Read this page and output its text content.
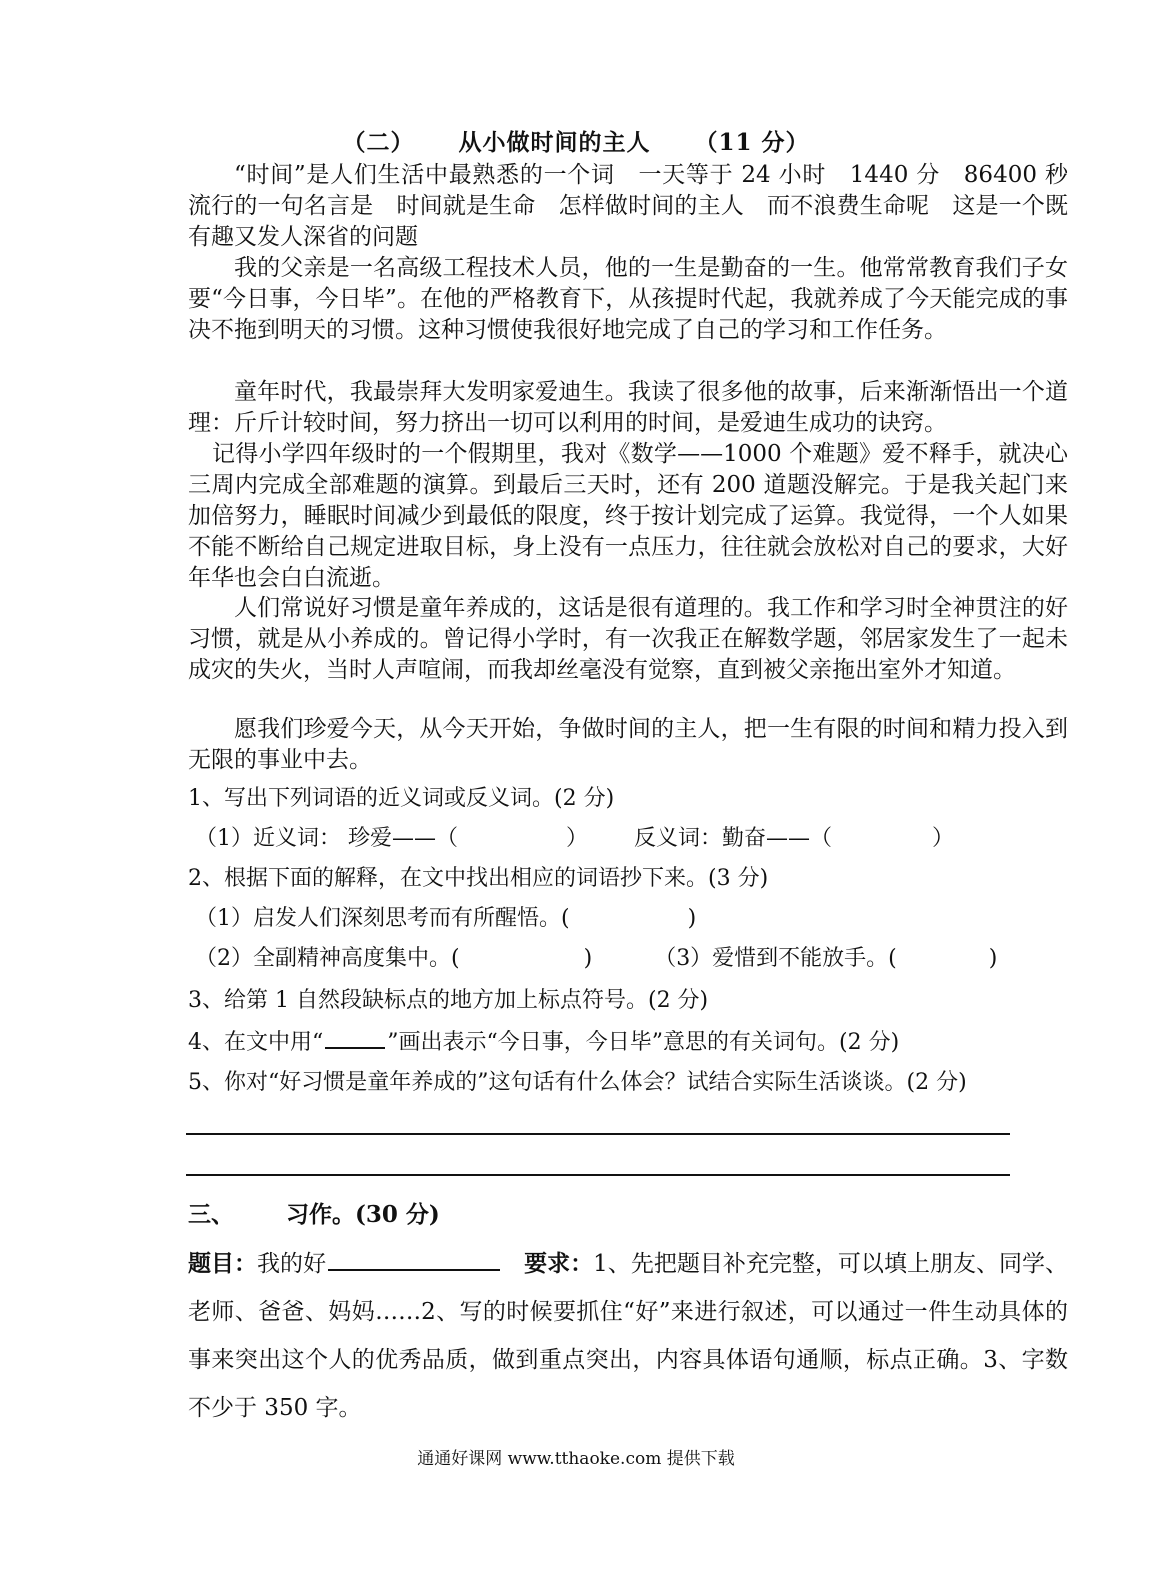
（二） 从小做时间的主人 （11 分）
“时间”是人们生活中最熟悉的一个词　一天等于 24 小时　1440 分　86400 秒　流行的一句名言是　时间就是生命　怎样做时间的主人　而不浪费生命呢　这是一个既有趣又发人深省的问题
我的父亲是一名高级工程技术人员，他的一生是勤奋的一生。他常常教育我们子女要“今日事，今日毕”。在他的严格教育下，从孩提时代起，我就养成了今天能完成的事决不拖到明天的习惯。这种习惯使我很好地完成了自己的学习和工作任务。
童年时代，我最崇拜大发明家爱迪生。我读了很多他的故事，后来渐渐悟出一个道理：斤斤计较时间，努力挤出一切可以利用的时间，是爱迪生成功的诀窍。
记得小学四年级时的一个假期里，我对《数学——1000 个难题》爱不释手，就决心三周内完成全部难题的演算。到最后三天时，还有 200 道题没解完。于是我关起门来加倍努力，睡眠时间减少到最低的限度，终于按计划完成了运算。我觉得，一个人如果不能不断给自己规定进取目标，身上没有一点压力，往往就会放松对自己的要求，大好年华也会白白流逝。
人们常说好习惯是童年养成的，这话是很有道理的。我工作和学习时全神贯注的好习惯，就是从小养成的。曾记得小学时，有一次我正在解数学题，邻居家发生了一起未成灾的失火，当时人声喧闹，而我却丝毫没有觉察，直到被父亲拖出室外才知道。
愿我们珍爱今天，从今天开始，争做时间的主人，把一生有限的时间和精力投入到无限的事业中去。
1、写出下列词语的近义词或反义词。(2 分)
（1）近义词： 珍爱——（	） 反义词：勤奋——（	）
2、根据下面的解释，在文中找出相应的词语抄下来。(3 分)
（1）启发人们深刻思考而有所醒悟。(	)
（2）全副精神高度集中。(	)	（3）爱惜到不能放手。(	)
3、给第 1 自然段缺标点的地方加上标点符号。(2 分)
4、在文中用“	”画出表示“今日事，今日毕”意思的有关词句。(2 分)
5、你对“好习惯是童年养成的”这句话有什么体会？试结合实际生活谈谈。(2 分)
三、 习作。(30 分)
题目：我的好	要求：1、先把题目补充完整，可以填上朋友、同学、老师、爸爸、妈妈……2、写的时候要抓住“好”来进行叙述，可以通过一件生动具体的事来突出这个人的优秀品质，做到重点突出，内容具体语句通顺，标点正确。3、字数不少于 350 字。
通通好课网 www.tthaoke.com 提供下载
